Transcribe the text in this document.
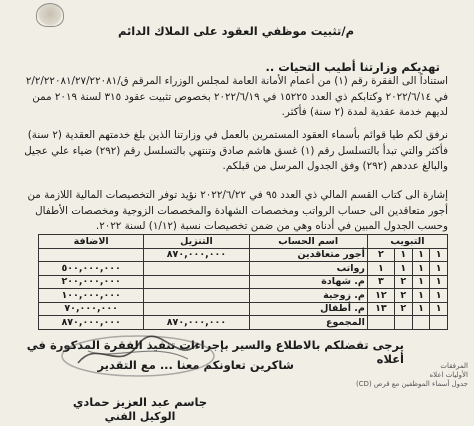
م/تثبيت موظفي العقود على الملاك الدائم
تهديكم وزارتنا أطيب التحيات ..
استناداً الى الفقرة رقم (١) من أعمام الأمانة العامة لمجلس الوزراء المرقم ق/٢/٢/٢٢٠٨١/٢٧/٢٢٠٨١ في ٢٠٢٢/٦/١٤ وكتابكم ذي العدد ١٥٢٢٥ في ٢٠٢٢/٦/١٩ بخصوص تثبيت عقود ٣١٥ لسنة ٢٠١٩ ممن لديهم خدمة عقدية لمدة (٢ سنة) فأكثر.
نرفق لكم طيا قوائم بأسماء العقود المستمرين بالعمل في وزارتنا الذين بلغ خدمتهم العقدية (٢ سنة) فأكثر والتي تبدأ بالتسلسل رقم (١) غسق هاشم صادق وتنتهي بالتسلسل رقم (٢٩٢) ضياء علي عجيل والبالغ عددهم (٢٩٢) وفق الجدول المرسل من قبلكم.
إشارة الى كتاب القسم المالي ذي العدد ٩٥ في ٢٠٢٢/٦/٢٢ نؤيد توفر التخصيصات المالية اللازمة من أجور متعاقدين الى حساب الرواتب ومخصصات الشهادة والمخصصات الزوجية ومخصصات الأطفال وحسب الجدول المبين في أدناه وهي من ضمن تخصيصات نسبة (١/١٢) لسنة ٢٠٢٢.
التبويب				اسم الحساب	التنزيل	الاضافة
١	١	١	٢	أجور متعاقدين	٨٧٠,٠٠٠,٠٠٠	
١	١	١	١	رواتب		٥٠٠,٠٠٠,٠٠٠
١	١	٢	٣	م. شهادة		٢٠٠,٠٠٠,٠٠٠
١	١	٢	١٢	م. زوجية		١٠٠,٠٠٠,٠٠٠
١	١	٢	١٣	م. أطفال		٧٠,٠٠٠,٠٠٠
				المجموع	٨٧٠,٠٠٠,٠٠٠	٨٧٠,٠٠٠,٠٠٠
يرجى تفضلكم بالاطلاع والسير بإجراءات تنفيذ الفقرة المذكورة في أعلاه
شاكرين تعاونكم معنا ... مع التقدير
جاسم عبد العزيز حمادي
الوكيل الفني
المرفقات
الأوليات اعلاه
جدول أسماء الموظفين مع قرص (CD)
